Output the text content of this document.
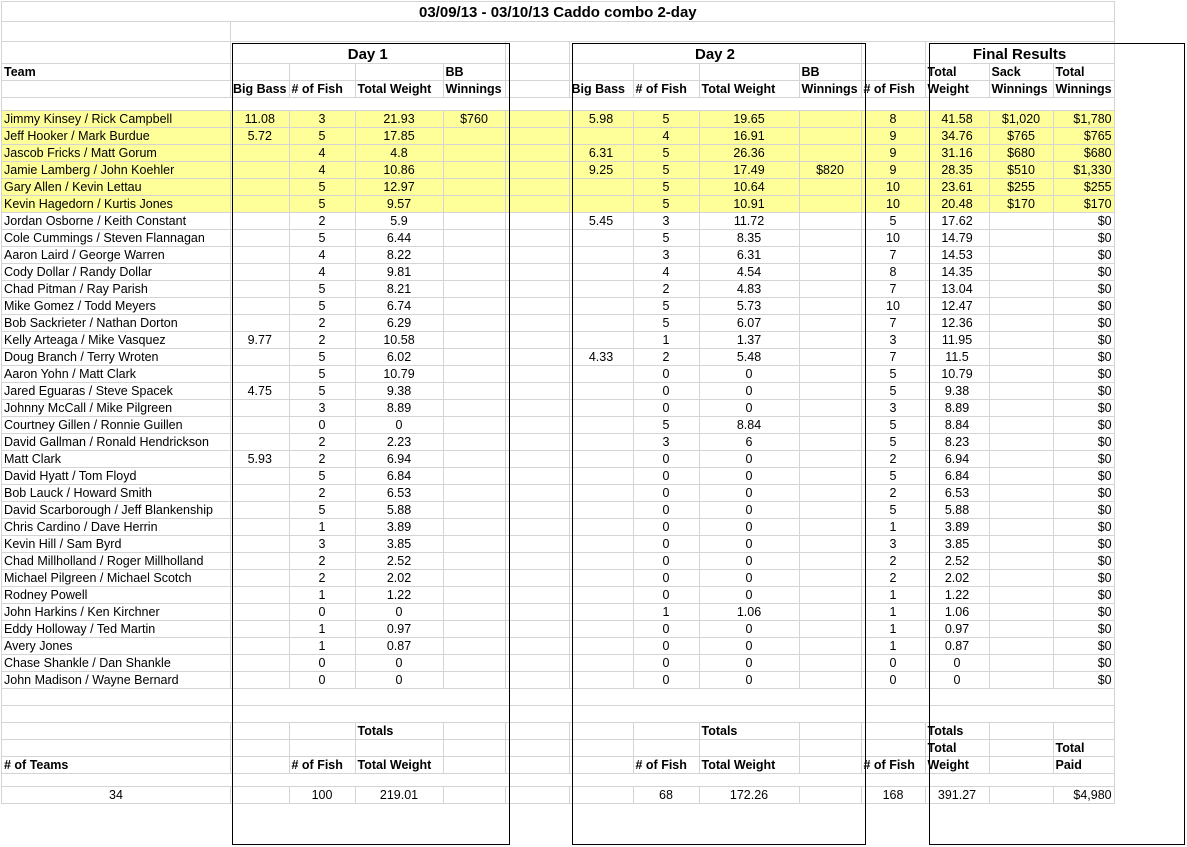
03/09/13 - 03/10/13 Caddo combo 2-day													

	Day 1					Day 2					Final Results		
Team				BB					BB		Total	Sack	Total
	Big Bass	# of Fish	Total Weight	Winnings		Big Bass	# of Fish	Total Weight	Winnings	# of Fish	Weight	Winnings	Winnings

Jimmy Kinsey / Rick Campbell	11.08	3	21.93	$760		5.98	5	19.65		8	41.58	$1,020	$1,780
Jeff Hooker / Mark Burdue	5.72	5	17.85				4	16.91		9	34.76	$765	$765
Jascob Fricks / Matt Gorum		4	4.8			6.31	5	26.36		9	31.16	$680	$680
Jamie Lamberg / John Koehler		4	10.86			9.25	5	17.49	$820	9	28.35	$510	$1,330
Gary Allen / Kevin Lettau		5	12.97				5	10.64		10	23.61	$255	$255
Kevin Hagedorn / Kurtis Jones		5	9.57				5	10.91		10	20.48	$170	$170
Jordan Osborne / Keith Constant		2	5.9			5.45	3	11.72		5	17.62		$0
Cole Cummings / Steven Flannagan		5	6.44				5	8.35		10	14.79		$0
Aaron Laird / George Warren		4	8.22				3	6.31		7	14.53		$0
Cody Dollar / Randy Dollar		4	9.81				4	4.54		8	14.35		$0
Chad Pitman / Ray Parish		5	8.21				2	4.83		7	13.04		$0
Mike Gomez / Todd Meyers		5	6.74				5	5.73		10	12.47		$0
Bob Sackrieter / Nathan Dorton		2	6.29				5	6.07		7	12.36		$0
Kelly Arteaga / Mike Vasquez	9.77	2	10.58				1	1.37		3	11.95		$0
Doug Branch / Terry Wroten		5	6.02			4.33	2	5.48		7	11.5		$0
Aaron Yohn / Matt Clark		5	10.79				0	0		5	10.79		$0
Jared Eguaras / Steve Spacek	4.75	5	9.38				0	0		5	9.38		$0
Johnny McCall / Mike Pilgreen		3	8.89				0	0		3	8.89		$0
Courtney Gillen / Ronnie Guillen		0	0				5	8.84		5	8.84		$0
David Gallman / Ronald Hendrickson		2	2.23				3	6		5	8.23		$0
Matt Clark	5.93	2	6.94				0	0		2	6.94		$0
David Hyatt / Tom Floyd		5	6.84				0	0		5	6.84		$0
Bob Lauck / Howard Smith		2	6.53				0	0		2	6.53		$0
David Scarborough / Jeff Blankenship		5	5.88				0	0		5	5.88		$0
Chris Cardino / Dave Herrin		1	3.89				0	0		1	3.89		$0
Kevin Hill / Sam Byrd		3	3.85				0	0		3	3.85		$0
Chad Millholland / Roger Millholland		2	2.52				0	0		2	2.52		$0
Michael Pilgreen / Michael Scotch		2	2.02				0	0		2	2.02		$0
Rodney Powell		1	1.22				0	0		1	1.22		$0
John Harkins / Ken Kirchner		0	0				1	1.06		1	1.06		$0
Eddy Holloway / Ted Martin		1	0.97				0	0		1	0.97		$0
Avery Jones		1	0.87				0	0		1	0.87		$0
Chase Shankle / Dan Shankle		0	0				0	0		0	0		$0
John Madison / Wayne Bernard		0	0				0	0		0	0		$0

			Totals					Totals			Totals		
											Total		Total
# of Teams		# of Fish	Total Weight				# of Fish	Total Weight		# of Fish	Weight		Paid

34		100	219.01				68	172.26		168	391.27		$4,980
